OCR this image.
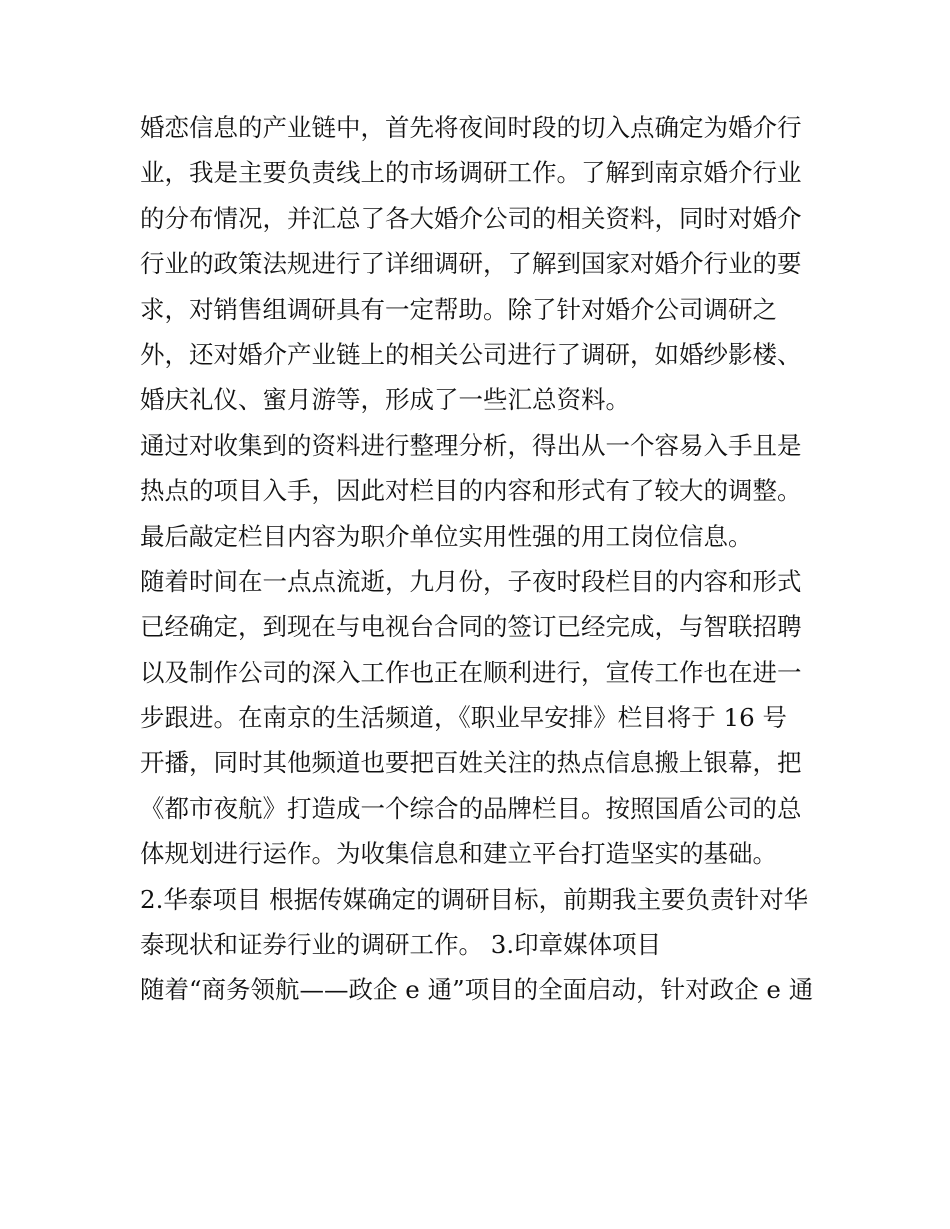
婚恋信息的产业链中，首先将夜间时段的切入点确定为婚介行
业，我是主要负责线上的市场调研工作。了解到南京婚介行业
的分布情况，并汇总了各大婚介公司的相关资料，同时对婚介
行业的政策法规进行了详细调研，了解到国家对婚介行业的要
求，对销售组调研具有一定帮助。除了针对婚介公司调研之
外，还对婚介产业链上的相关公司进行了调研，如婚纱影楼、
婚庆礼仪、蜜月游等，形成了一些汇总资料。
通过对收集到的资料进行整理分析，得出从一个容易入手且是
热点的项目入手，因此对栏目的内容和形式有了较大的调整。
最后敲定栏目内容为职介单位实用性强的用工岗位信息。
随着时间在一点点流逝，九月份，子夜时段栏目的内容和形式
已经确定，到现在与电视台合同的签订已经完成，与智联招聘
以及制作公司的深入工作也正在顺利进行，宣传工作也在进一
步跟进。在南京的生活频道，《职业早安排》栏目将于 16 号
开播，同时其他频道也要把百姓关注的热点信息搬上银幕，把
《都市夜航》打造成一个综合的品牌栏目。按照国盾公司的总
体规划进行运作。为收集信息和建立平台打造坚实的基础。
2.华泰项目 根据传媒确定的调研目标，前期我主要负责针对华
泰现状和证券行业的调研工作。 3.印章媒体项目
随着“商务领航——政企 e 通”项目的全面启动，针对政企 e 通
